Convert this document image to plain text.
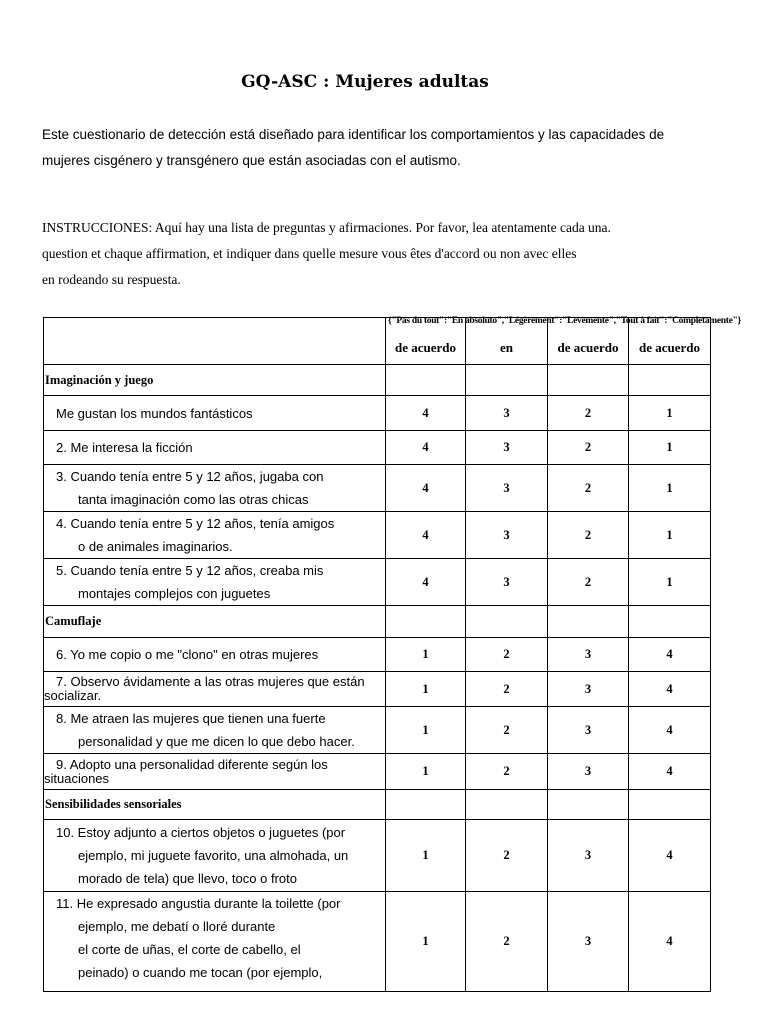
GQ-ASC : Mujeres adultas
Este cuestionario de detección está diseñado para identificar los comportamientos y las capacidades de
mujeres cisgénero y transgénero que están asociadas con el autismo.
INSTRUCCIONES: Aquí hay una lista de preguntas y afirmaciones. Por favor, lea atentamente cada una.
question et chaque affirmation, et indiquer dans quelle mesure vous êtes d'accord ou non avec elles
en rodeando su respuesta.
	de acuerdo	en	de acuerdo	de acuerdo
Imaginación y juego				

Me gustan los mundos fantásticos	4	3	2	1

2. Me interesa la ficción	4	3	2	1

3. Cuando tenía entre 5 y 12 años, jugaba con
tanta imaginación como las otras chicas	4	3	2	1

4. Cuando tenía entre 5 y 12 años, tenía amigos
o de animales imaginarios.	4	3	2	1

5. Cuando tenía entre 5 y 12 años, creaba mis
montajes complejos con juguetes	4	3	2	1
Camuflaje				

6. Yo me copio o me "clono" en otras mujeres	1	2	3	4

7. Observo ávidamente a las otras mujeres que están
socializar.	1	2	3	4

8. Me atraen las mujeres que tienen una fuerte
personalidad y que me dicen lo que debo hacer.	1	2	3	4

9. Adopto una personalidad diferente según los
situaciones	1	2	3	4
Sensibilidades sensoriales				

10. Estoy adjunto a ciertos objetos o juguetes (por
ejemplo, mi juguete favorito, una almohada, un
morado de tela) que llevo, toco o froto	1	2	3	4

11. He expresado angustia durante la toilette (por
ejemplo, me debatí o lloré durante
el corte de uñas, el corte de cabello, el
peinado) o cuando me tocan (por ejemplo,	1	2	3	4
{"Pas du tout":"En absoluto","Légèrement":"Levemente","Tout à fait":"Completamente"}
